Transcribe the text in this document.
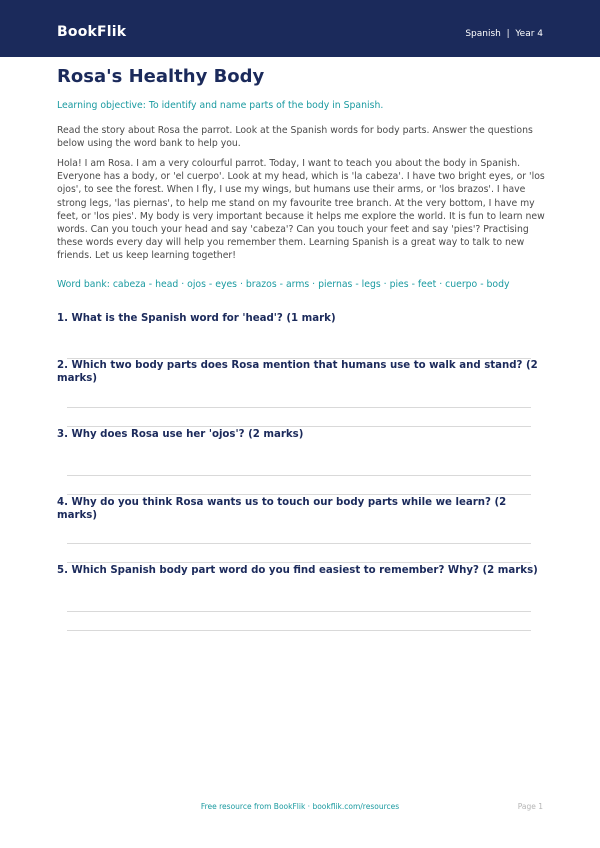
BookFlik	Spanish  |  Year 4
Rosa's Healthy Body
Learning objective: To identify and name parts of the body in Spanish.
Read the story about Rosa the parrot. Look at the Spanish words for body parts. Answer the questions below using the word bank to help you.
Hola! I am Rosa. I am a very colourful parrot. Today, I want to teach you about the body in Spanish. Everyone has a body, or 'el cuerpo'. Look at my head, which is 'la cabeza'. I have two bright eyes, or 'los ojos', to see the forest. When I fly, I use my wings, but humans use their arms, or 'los brazos'. I have strong legs, 'las piernas', to help me stand on my favourite tree branch. At the very bottom, I have my feet, or 'los pies'. My body is very important because it helps me explore the world. It is fun to learn new words. Can you touch your head and say 'cabeza'? Can you touch your feet and say 'pies'? Practising these words every day will help you remember them. Learning Spanish is a great way to talk to new friends. Let us keep learning together!
Word bank: cabeza - head · ojos - eyes · brazos - arms · piernas - legs · pies - feet · cuerpo - body
1. What is the Spanish word for 'head'? (1 mark)
2. Which two body parts does Rosa mention that humans use to walk and stand? (2 marks)
3. Why does Rosa use her 'ojos'? (2 marks)
4. Why do you think Rosa wants us to touch our body parts while we learn? (2 marks)
5. Which Spanish body part word do you find easiest to remember? Why? (2 marks)
Free resource from BookFlik · bookflik.com/resources	Page 1
